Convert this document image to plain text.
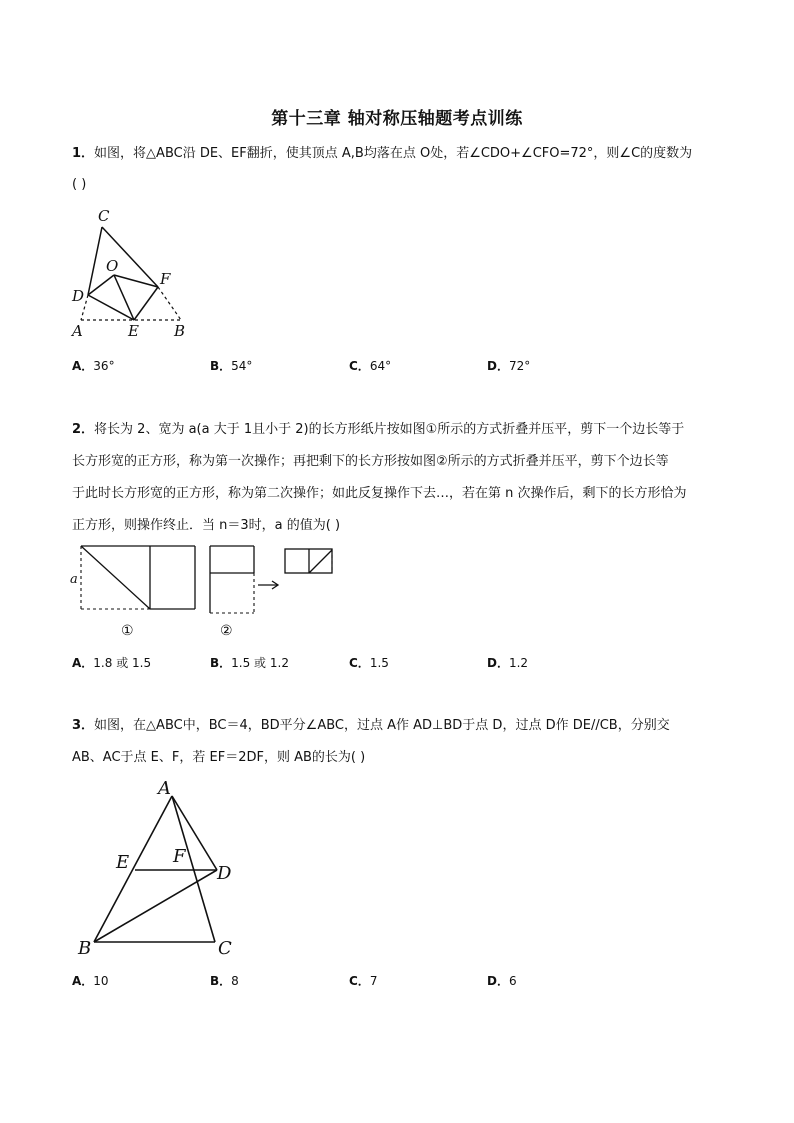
第十三章 轴对称压轴题考点训练
1．如图，将△ABC沿 DE、EF翻折，使其顶点 A,B均落在点 O处，若∠CDO+∠CFO=72°，则∠C的度数为
( )
C
O
F
D
A	E B
A．36°	B．54°	C．64°	D．72°
2．将长为 2、宽为 a(a 大于 1且小于 2)的长方形纸片按如图①所示的方式折叠并压平，剪下一个边长等于
长方形宽的正方形，称为第一次操作；再把剩下的长方形按如图②所示的方式折叠并压平，剪下个边长等
于此时长方形宽的正方形，称为第二次操作；如此反复操作下去…，若在第 n 次操作后，剩下的长方形恰为
正方形，则操作终止．当 n＝3时，a 的值为( )
a
①	②
A．1.8 或 1.5	B．1.5 或 1.2	C．1.5	D．1.2
3．如图，在△ABC中，BC＝4，BD平分∠ABC，过点 A作 AD⊥BD于点 D，过点 D作 DE//CB，分别交
AB、AC于点 E、F，若 EF＝2DF，则 AB的长为( )
A
E F
D
B	C
A．10	B．8	C．7	D．6
